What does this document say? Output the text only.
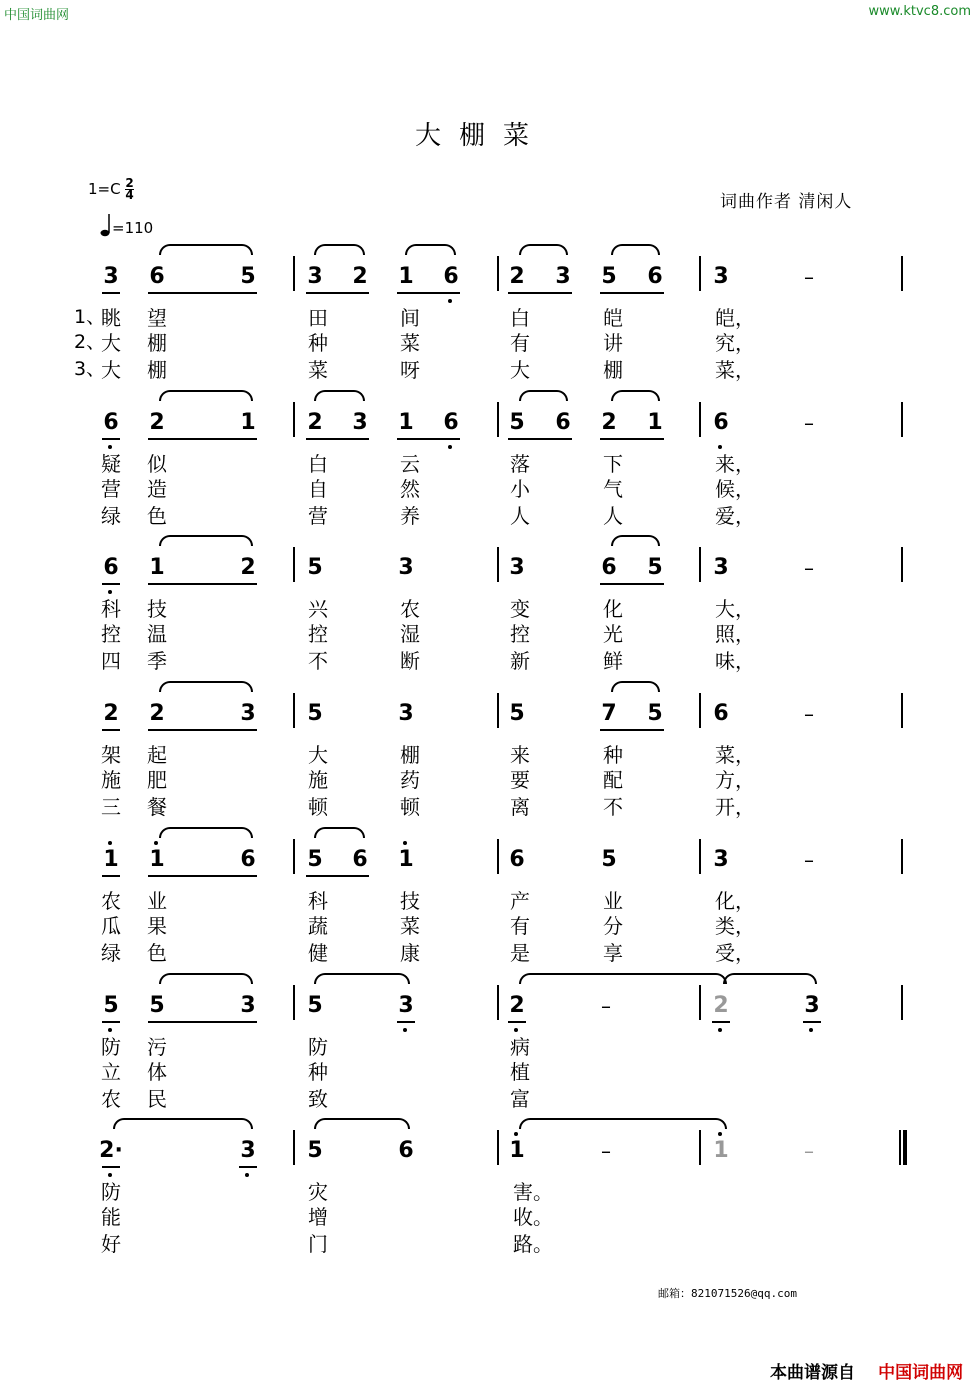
中国词曲网	www.ktvc8.com
大棚菜
$1=C \frac{2}{4}$
=110
词曲作者 清闲人
3 6	5 3 2 1 6 2 3 5 6 3	–
1、
眺 望	田	间	白	皑	皑，
2、
大 棚	种	菜	有	讲	究，
3、
大 棚	菜	呀	大	棚	菜，
6 2	1 2 3 1 6 5 6 2 1 6	–
疑 似	白	云	落	下	来，
营 造	自	然	小	气	候，
绿 色	营	养	人	人	爱，
6 1	2 5	3	3	6 5 3	–
科 技	兴	农	变	化	大，
控 温	控	湿	控	光	照，
四 季	不	断	新	鲜	味，
2 2	3 5	3	5	7 5 6	–
架 起	大	棚	来	种	菜，
施 肥	施	药	要	配	方，
三 餐	顿	顿	离	不	开，
1 1	6 5 6 1	6	5	3	–
农 业	科	技	产	业	化，
瓜 果	蔬	菜	有	分	类，
绿 色	健	康	是	享	受，
5 5	3 5	3	2	2	3
–
防 污	防	病
立 体	种	植
农 民	致	富
2·	3 5	6	1	1
–	–
防	灾	害。
能	增	收。
好	门	路。
邮箱：821071526@qq.com
本曲谱源自 中国词曲网
